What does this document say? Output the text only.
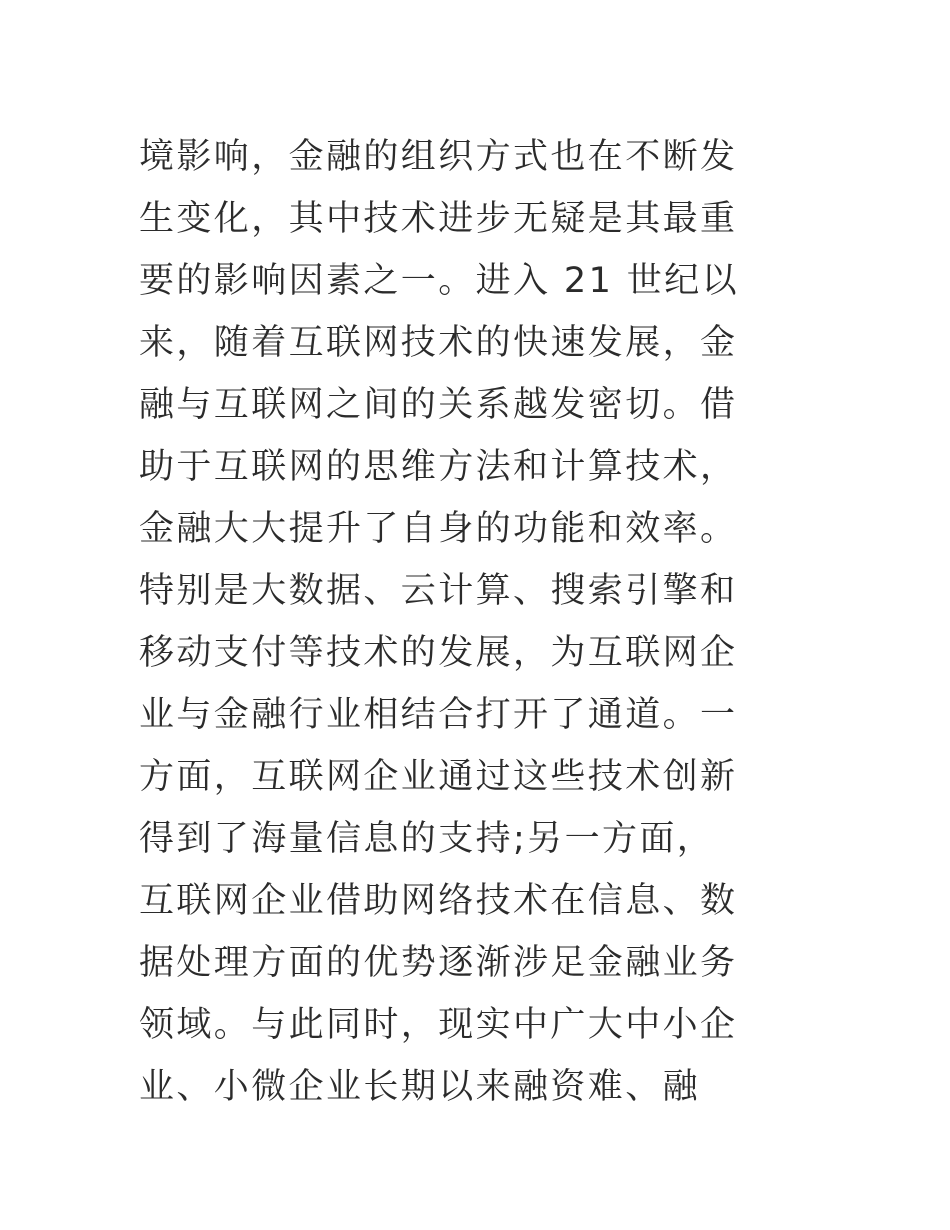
境影响，金融的组织方式也在不断发
生变化，其中技术进步无疑是其最重
要的影响因素之一。进入 21 世纪以
来，随着互联网技术的快速发展，金
融与互联网之间的关系越发密切。借
助于互联网的思维方法和计算技术，
金融大大提升了自身的功能和效率。
特别是大数据、云计算、搜索引擎和
移动支付等技术的发展，为互联网企
业与金融行业相结合打开了通道。一
方面，互联网企业通过这些技术创新
得到了海量信息的支持;另一方面，
互联网企业借助网络技术在信息、数
据处理方面的优势逐渐涉足金融业务
领域。与此同时，现实中广大中小企
业、小微企业长期以来融资难、融
